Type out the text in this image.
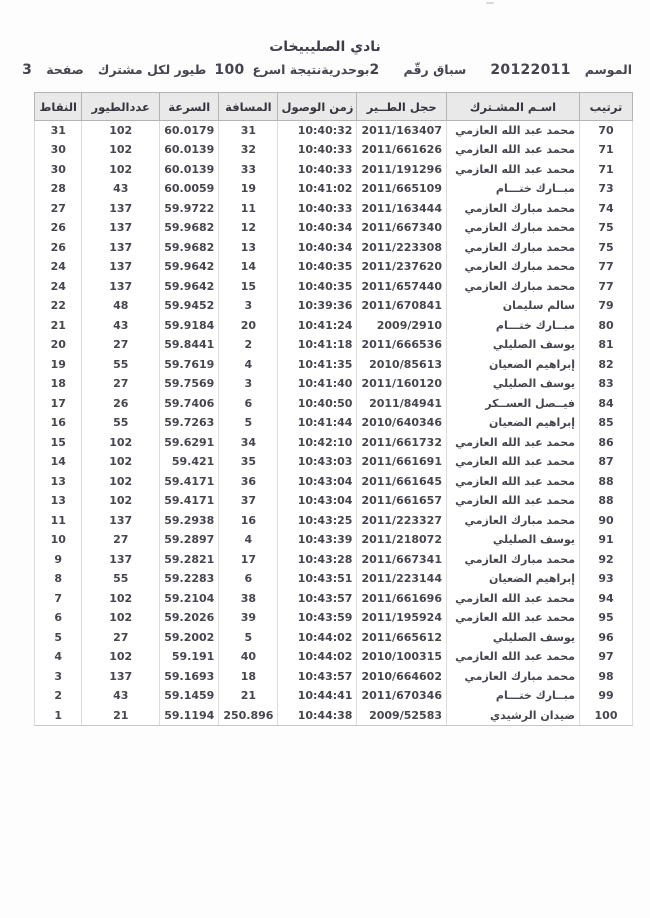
نادي الصليبيخات
الموسم
20122011
سباق رقّم
2
بوحدرية
نتيجة اسرع
100
طيور لكل مشترك
صفحة
3
ترتيب	اسـم المشـترك	حجل الطــير	زمن الوصول	المسافة	السرعة	عددالطيور	النقاط
70	محمد عبد الله العازمي	2011/163407	10:40:32	31	60.0179	102	31
71	محمد عبد الله العازمي	2011/661626	10:40:33	32	60.0139	102	30
71	محمد عبد الله العازمي	2011/191296	10:40:33	33	60.0139	102	30
73	مبــارك ختـــام	2011/665109	10:41:02	19	60.0059	43	28
74	محمد مبارك العازمي	2011/163444	10:40:33	11	59.9722	137	27
75	محمد مبارك العازمي	2011/667340	10:40:34	12	59.9682	137	26
75	محمد مبارك العازمي	2011/223308	10:40:34	13	59.9682	137	26
77	محمد مبارك العازمي	2011/237620	10:40:35	14	59.9642	137	24
77	محمد مبارك العازمي	2011/657440	10:40:35	15	59.9642	137	24
79	سالم سليمان	2011/670841	10:39:36	3	59.9452	48	22
80	مبــارك ختـــام	2009/2910	10:41:24	20	59.9184	43	21
81	يوسف الصليلي	2011/666536	10:41:18	2	59.8441	27	20
82	إبراهيم الضعيان	2010/85613	10:41:35	4	59.7619	55	19
83	يوسف الصليلي	2011/160120	10:41:40	3	59.7569	27	18
84	فيــصل العســكر	2011/84941	10:40:50	6	59.7406	26	17
85	إبراهيم الضعيان	2010/640346	10:41:44	5	59.7263	55	16
86	محمد عبد الله العازمي	2011/661732	10:42:10	34	59.6291	102	15
87	محمد عبد الله العازمي	2011/661691	10:43:03	35	59.421	102	14
88	محمد عبد الله العازمي	2011/661645	10:43:04	36	59.4171	102	13
88	محمد عبد الله العازمي	2011/661657	10:43:04	37	59.4171	102	13
90	محمد مبارك العازمي	2011/223327	10:43:25	16	59.2938	137	11
91	يوسف الصليلي	2011/218072	10:43:39	4	59.2897	27	10
92	محمد مبارك العازمي	2011/667341	10:43:28	17	59.2821	137	9
93	إبراهيم الضعيان	2011/223144	10:43:51	6	59.2283	55	8
94	محمد عبد الله العازمي	2011/661696	10:43:57	38	59.2104	102	7
95	محمد عبد الله العازمي	2011/195924	10:43:59	39	59.2026	102	6
96	يوسف الصليلي	2011/665612	10:44:02	5	59.2002	27	5
97	محمد عبد الله العازمي	2010/100315	10:44:02	40	59.191	102	4
98	محمد مبارك العازمي	2010/664602	10:43:57	18	59.1693	137	3
99	مبــارك ختـــام	2011/670346	10:44:41	21	59.1459	43	2
100	ضيدان الرشيدي	2009/52583	10:44:38	250.896	59.1194	21	1
